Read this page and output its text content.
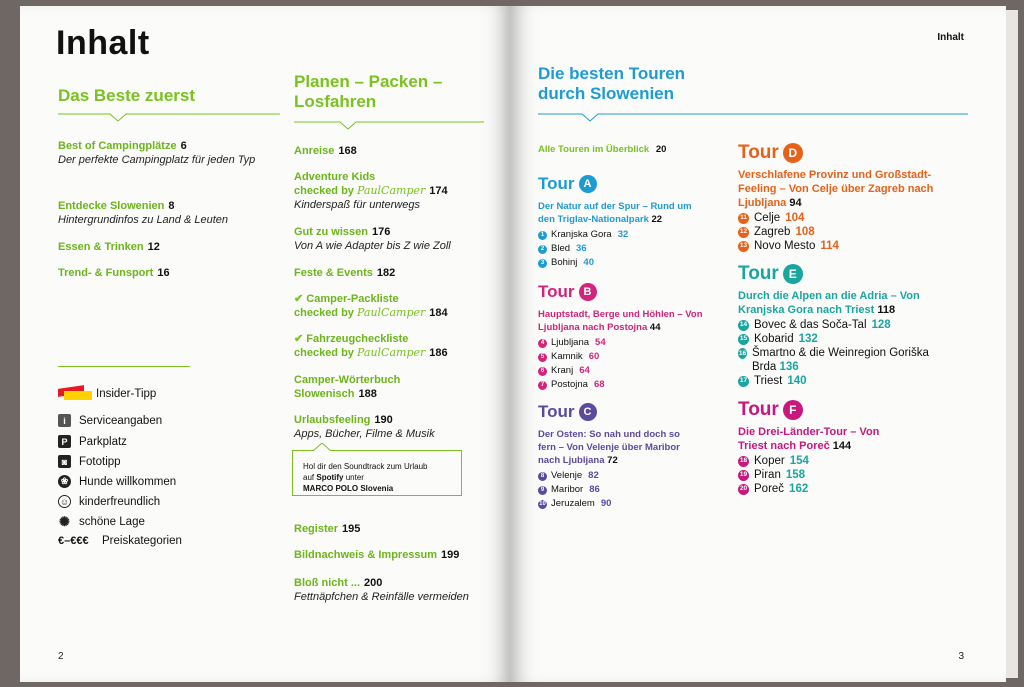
Inhalt
Das Beste zuerst
Best of Campingplätze 6
Der perfekte Campingplatz für jeden Typ
Entdecke Slowenien 8
Hintergrundinfos zu Land & Leuten
Essen & Trinken 12
Trend- & Funsport 16
Insider-Tipp
i	Serviceangaben
P	Parkplatz
◙	Fototipp
❀ Hunde willkommen
☺ kinderfreundlich
✺ schöne Lage
€–€€€	Preiskategorien
Planen – Packen – Losfahren
Anreise 168
Adventure Kids
checked by PaulCamper 174
Kinderspaß für unterwegs
Gut zu wissen 176
Von A wie Adapter bis Z wie Zoll
Feste & Events 182
✔ Camper-Packliste
checked by PaulCamper 184
✔ Fahrzeugcheckliste
checked by PaulCamper 186
Camper-Wörterbuch
Slowenisch 188
Urlaubsfeeling 190
Apps, Bücher, Filme & Musik
Hol dir den Soundtrack zum Urlaub
auf Spotify unter
MARCO POLO Slovenia
Register 195
Bildnachweis & Impressum 199
Bloß nicht ... 200
Fettnäpfchen & Reinfälle vermeiden
2
Inhalt
Die besten Touren durch Slowenien
Alle Touren im Überblick 20
Tour A
Der Natur auf der Spur – Rund um den Triglav-Nationalpark 22
1 Kranjska Gora 32
2 Bled 36
3 Bohinj 40
Tour B
Hauptstadt, Berge und Höhlen – Von Ljubljana nach Postojna 44
4 Ljubljana 54
5 Kamnik 60
6 Kranj 64
7 Postojna 68
Tour C
Der Osten: So nah und doch so fern – Von Velenje über Maribor nach Ljubljana 72
8 Velenje 82
9 Maribor 86
10 Jeruzalem 90
Tour D
Verschlafene Provinz und Großstadt-Feeling – Von Celje über Zagreb nach Ljubljana 94
11 Celje 104
12 Zagreb 108
13 Novo Mesto 114
Tour E
Durch die Alpen an die Adria – Von Kranjska Gora nach Triest 118
14 Bovec & das Soča-Tal 128
15 Kobarid 132
16 Šmartno & die Weinregion Goriška Brda 136
17 Triest 140
Tour F
Die Drei-Länder-Tour – Von Triest nach Poreč 144
18 Koper 154
19 Piran 158
20 Poreč 162
3
